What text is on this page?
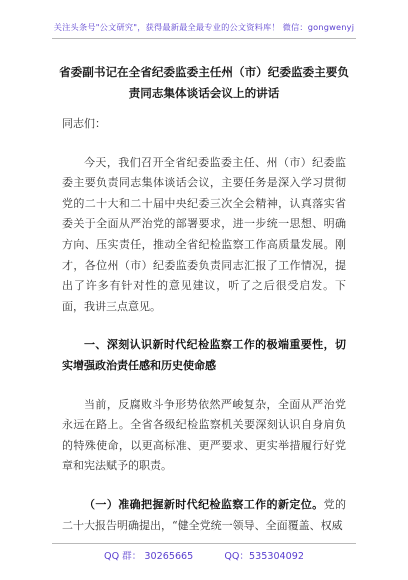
关注头条号"公文研究"，获得最新最全最专业的公文资料库！ 微信：gongwenyj
省委副书记在全省纪委监委主任州（市）纪委监委主要负责同志集体谈话会议上的讲话

同志们：

今天，我们召开全省纪委监委主任、州（市）纪委监委主要负责同志集体谈话会议，主要任务是深入学习贯彻党的二十大和二十届中央纪委三次全会精神，认真落实省委关于全面从严治党的部署要求，进一步统一思想、明确方向、压实责任，推动全省纪检监察工作高质量发展。刚才，各位州（市）纪委监委负责同志汇报了工作情况，提出了许多有针对性的意见建议，听了之后很受启发。下面，我讲三点意见。

一、深刻认识新时代纪检监察工作的极端重要性，切实增强政治责任感和历史使命感

当前，反腐败斗争形势依然严峻复杂，全面从严治党永远在路上。全省各级纪检监察机关要深刻认识自身肩负的特殊使命，以更高标准、更严要求、更实举措履行好党章和宪法赋予的职责。

（一）准确把握新时代纪检监察工作的新定位。党的二十大报告明确提出，“健全党统一领导、全面覆盖、权威

QQ 群： 30265665	QQ：535304092
